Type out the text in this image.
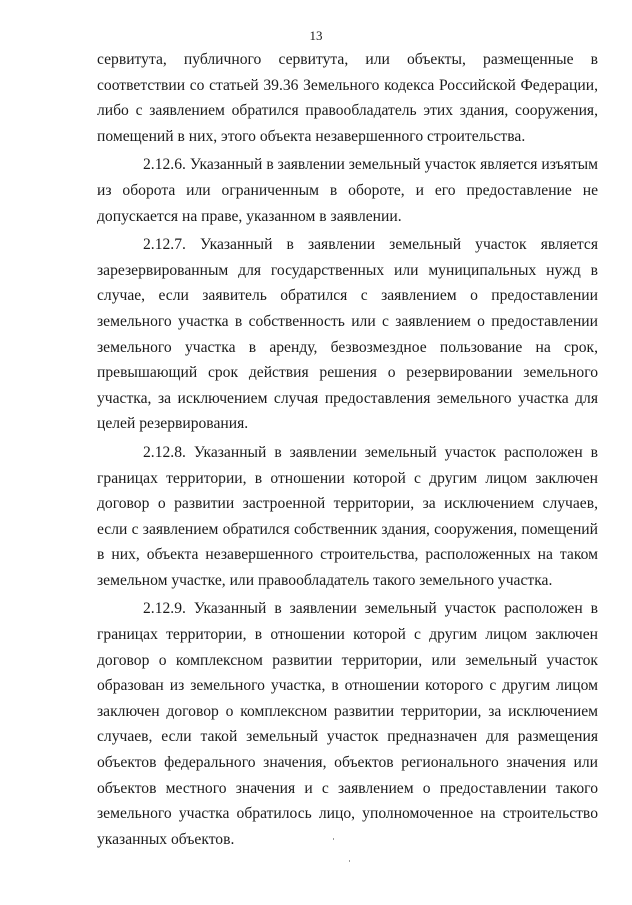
13

сервитута, публичного сервитута, или объекты, размещенные в соответствии со статьей 39.36 Земельного кодекса Российской Федерации, либо с заявлением обратился правообладатель этих здания, сооружения, помещений в них, этого объекта незавершенного строительства.

2.12.6. Указанный в заявлении земельный участок является изъятым из оборота или ограниченным в обороте, и его предоставление не допускается на праве, указанном в заявлении.

2.12.7. Указанный в заявлении земельный участок является зарезервированным для государственных или муниципальных нужд в случае, если заявитель обратился с заявлением о предоставлении земельного участка в собственность или с заявлением о предоставлении земельного участка в аренду, безвозмездное пользование на срок, превышающий срок действия решения о резервировании земельного участка, за исключением случая предоставления земельного участка для целей резервирования.

2.12.8. Указанный в заявлении земельный участок расположен в границах территории, в отношении которой с другим лицом заключен договор о развитии застроенной территории, за исключением случаев, если с заявлением обратился собственник здания, сооружения, помещений в них, объекта незавершенного строительства, расположенных на таком земельном участке, или правообладатель такого земельного участка.

2.12.9. Указанный в заявлении земельный участок расположен в границах территории, в отношении которой с другим лицом заключен договор о комплексном развитии территории, или земельный участок образован из земельного участка, в отношении которого с другим лицом заключен договор о комплексном развитии территории, за исключением случаев, если такой земельный участок предназначен для размещения объектов федерального значения, объектов регионального значения или объектов местного значения и с заявлением о предоставлении такого земельного участка обратилось лицо, уполномоченное на строительство указанных объектов.
